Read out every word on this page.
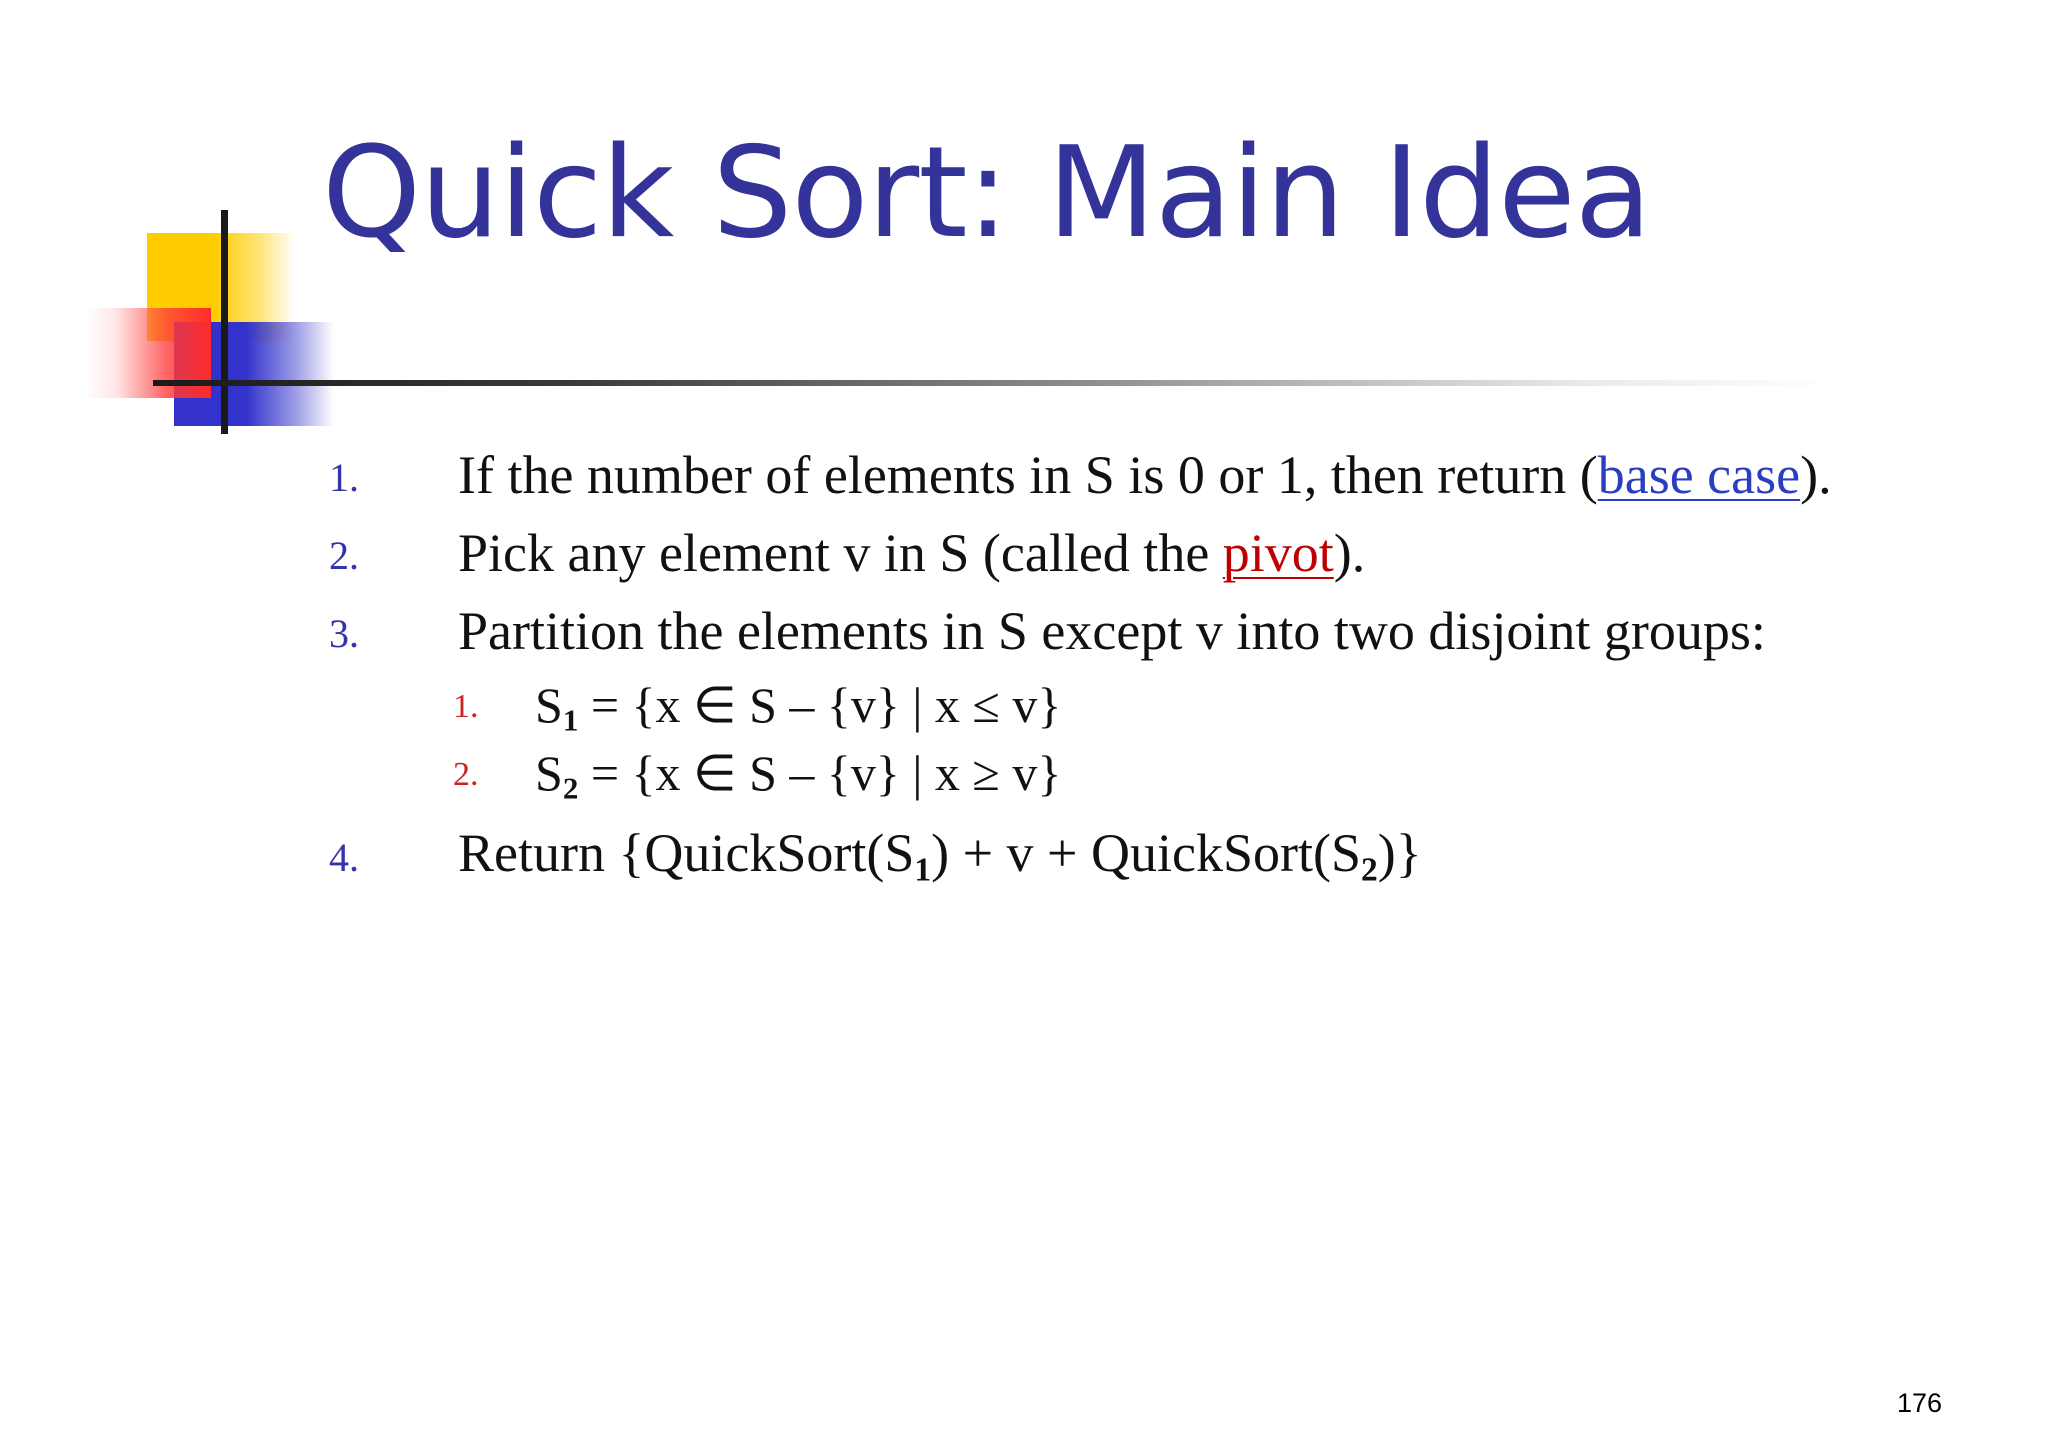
Quick Sort: Main Idea
1. If the number of elements in S is 0 or 1, then return (base case).
2. Pick any element v in S (called the pivot).
3. Partition the elements in S except v into two disjoint groups:
1. $S_1 = \{x$ ∈ S – {v} | x ≤ v}
2. $S_2 = \{x$ ∈ S – {v} | x ≥ v}
4. Return {$QuickSort(S_1) + v$ + $QuickSort(S_2)$}
176
